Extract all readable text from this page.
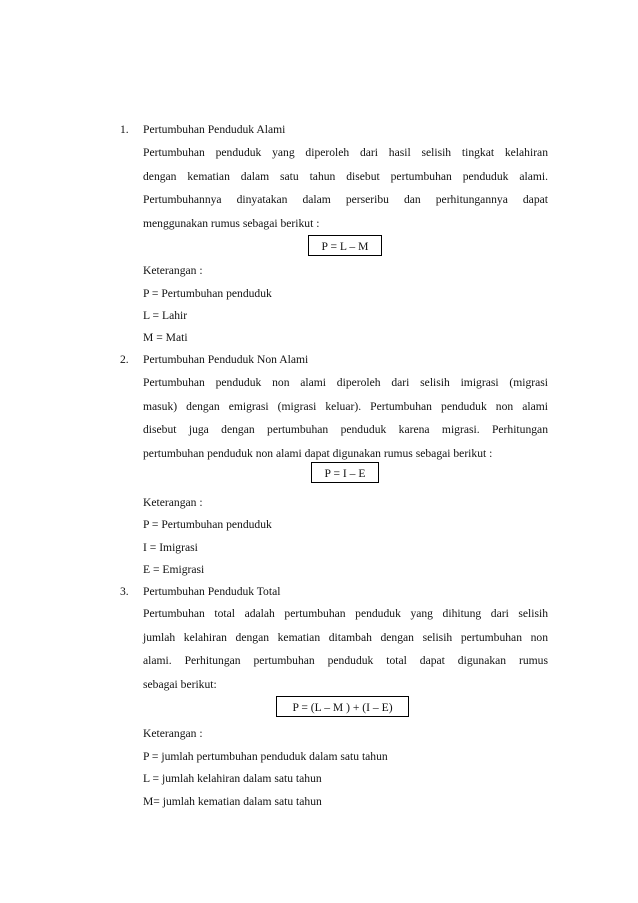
1. Pertumbuhan Penduduk Alami
Pertumbuhan penduduk yang diperoleh dari hasil selisih tingkat kelahiran
dengan kematian dalam satu tahun disebut pertumbuhan penduduk alami.
Pertumbuhannya dinyatakan dalam perseribu dan perhitungannya dapat
menggunakan rumus sebagai berikut :
P = L – M
Keterangan :
P = Pertumbuhan penduduk
L = Lahir
M = Mati
2. Pertumbuhan Penduduk Non Alami
Pertumbuhan penduduk non alami diperoleh dari selisih imigrasi (migrasi
masuk) dengan emigrasi (migrasi keluar). Pertumbuhan penduduk non alami
disebut juga dengan pertumbuhan penduduk karena migrasi. Perhitungan
pertumbuhan penduduk non alami dapat digunakan rumus sebagai berikut :
P = I – E
Keterangan :
P = Pertumbuhan penduduk
I = Imigrasi
E = Emigrasi
3. Pertumbuhan Penduduk Total
Pertumbuhan total adalah pertumbuhan penduduk yang dihitung dari selisih
jumlah kelahiran dengan kematian ditambah dengan selisih pertumbuhan non
alami. Perhitungan pertumbuhan penduduk total dapat digunakan rumus
sebagai berikut:
P = (L – M ) + (I – E)
Keterangan :
P = jumlah pertumbuhan penduduk dalam satu tahun
L = jumlah kelahiran dalam satu tahun
M= jumlah kematian dalam satu tahun
